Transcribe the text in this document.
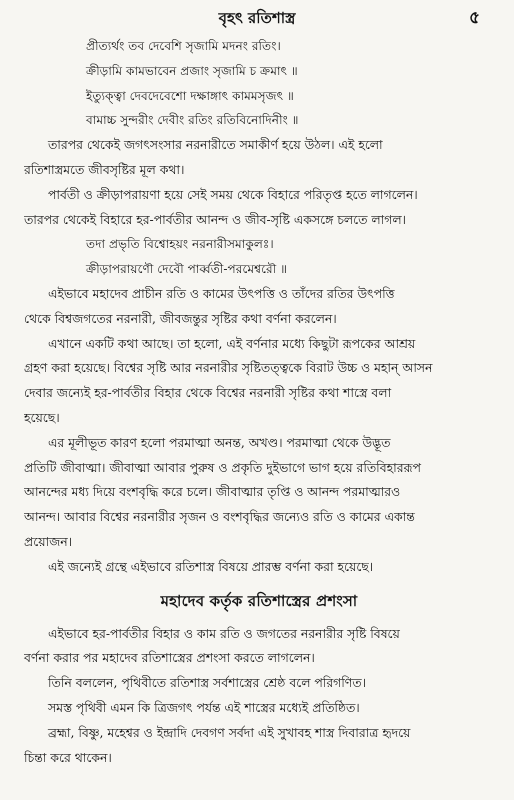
বৃহৎ রতিশাস্ত্র	৫
প্রীত্যর্থং তব দেবেশি সৃজামি মদনং রতিং।
ক্রীড়ামি কামভাবেন প্রজাং সৃজামি চ ক্রমাৎ ॥
ইত্যুক্ত্বা দেবদেবেশো দক্ষাঙ্গাৎ কামমসৃজৎ ॥
বামাচ্চ সুন্দরীং দেবীং রতিং রতিবিনোদিনীং ॥
তারপর থেকেই জগৎসংসার নরনারীতে সমাকীর্ণ হয়ে উঠল। এই হলো
রতিশাস্ত্রমতে জীবসৃষ্টির মূল কথা।
পার্বতী ও ক্রীড়াপরায়ণা হয়ে সেই সময় থেকে বিহারে পরিতৃপ্ত হতে লাগলেন।
তারপর থেকেই বিহারে হর-পার্বতীর আনন্দ ও জীব-সৃষ্টি একসঙ্গে চলতে লাগল।
তদা প্রভৃতি বিশ্বোহয়ং নরনারীসমাকুলঃ।
ক্রীড়াপরায়ণৌ দেবৌ পার্ব্বতী-পরমেশ্বরৌ ॥
এইভাবে মহাদেব প্রাচীন রতি ও কামের উৎপত্তি ও তাঁদের রতির উৎপত্তি
থেকে বিশ্বজগতের নরনারী, জীবজন্তুর সৃষ্টির কথা বর্ণনা করলেন।
এখানে একটি কথা আছে। তা হলো, এই বর্ণনার মধ্যে কিছুটা রূপকের আশ্রয়
গ্রহণ করা হয়েছে। বিশ্বের সৃষ্টি আর নরনারীর সৃষ্টিতত্ত্বকে বিরাট উচ্চ ও মহান্ আসন
দেবার জন্যেই হর-পার্বতীর বিহার থেকে বিশ্বের নরনারী সৃষ্টির কথা শাস্ত্রে বলা
হয়েছে।
এর মূলীভূত কারণ হলো পরমাত্মা অনন্ত, অখণ্ড। পরমাত্মা থেকে উদ্ভূত
প্রতিটি জীবাত্মা। জীবাত্মা আবার পুরুষ ও প্রকৃতি দুইভাগে ভাগ হয়ে রতিবিহাররূপ
আনন্দের মধ্য দিয়ে বংশবৃদ্ধি করে চলে। জীবাত্মার তৃপ্তি ও আনন্দ পরমাত্মারও
আনন্দ। আবার বিশ্বের নরনারীর সৃজন ও বংশবৃদ্ধির জন্যেও রতি ও কামের একান্ত
প্রয়োজন।
এই জন্যেই গ্রন্থে এইভাবে রতিশাস্ত্র বিষয়ে প্রারম্ভ বর্ণনা করা হয়েছে।
মহাদেব কর্তৃক রতিশাস্ত্রের প্রশংসা
এইভাবে হর-পার্বতীর বিহার ও কাম রতি ও জগতের নরনারীর সৃষ্টি বিষয়ে
বর্ণনা করার পর মহাদেব রতিশাস্ত্রের প্রশংসা করতে লাগলেন।
তিনি বললেন, পৃথিবীতে রতিশাস্ত্র সর্বশাস্ত্রের শ্রেষ্ঠ বলে পরিগণিত।
সমস্ত পৃথিবী এমন কি ত্রিজগৎ পর্যন্ত এই শাস্ত্রের মধ্যেই প্রতিষ্ঠিত।
ব্রহ্মা, বিষ্ণু, মহেশ্বর ও ইন্দ্রাদি দেবগণ সর্বদা এই সুখাবহ শাস্ত্র দিবারাত্র হৃদয়ে
চিন্তা করে থাকেন।
